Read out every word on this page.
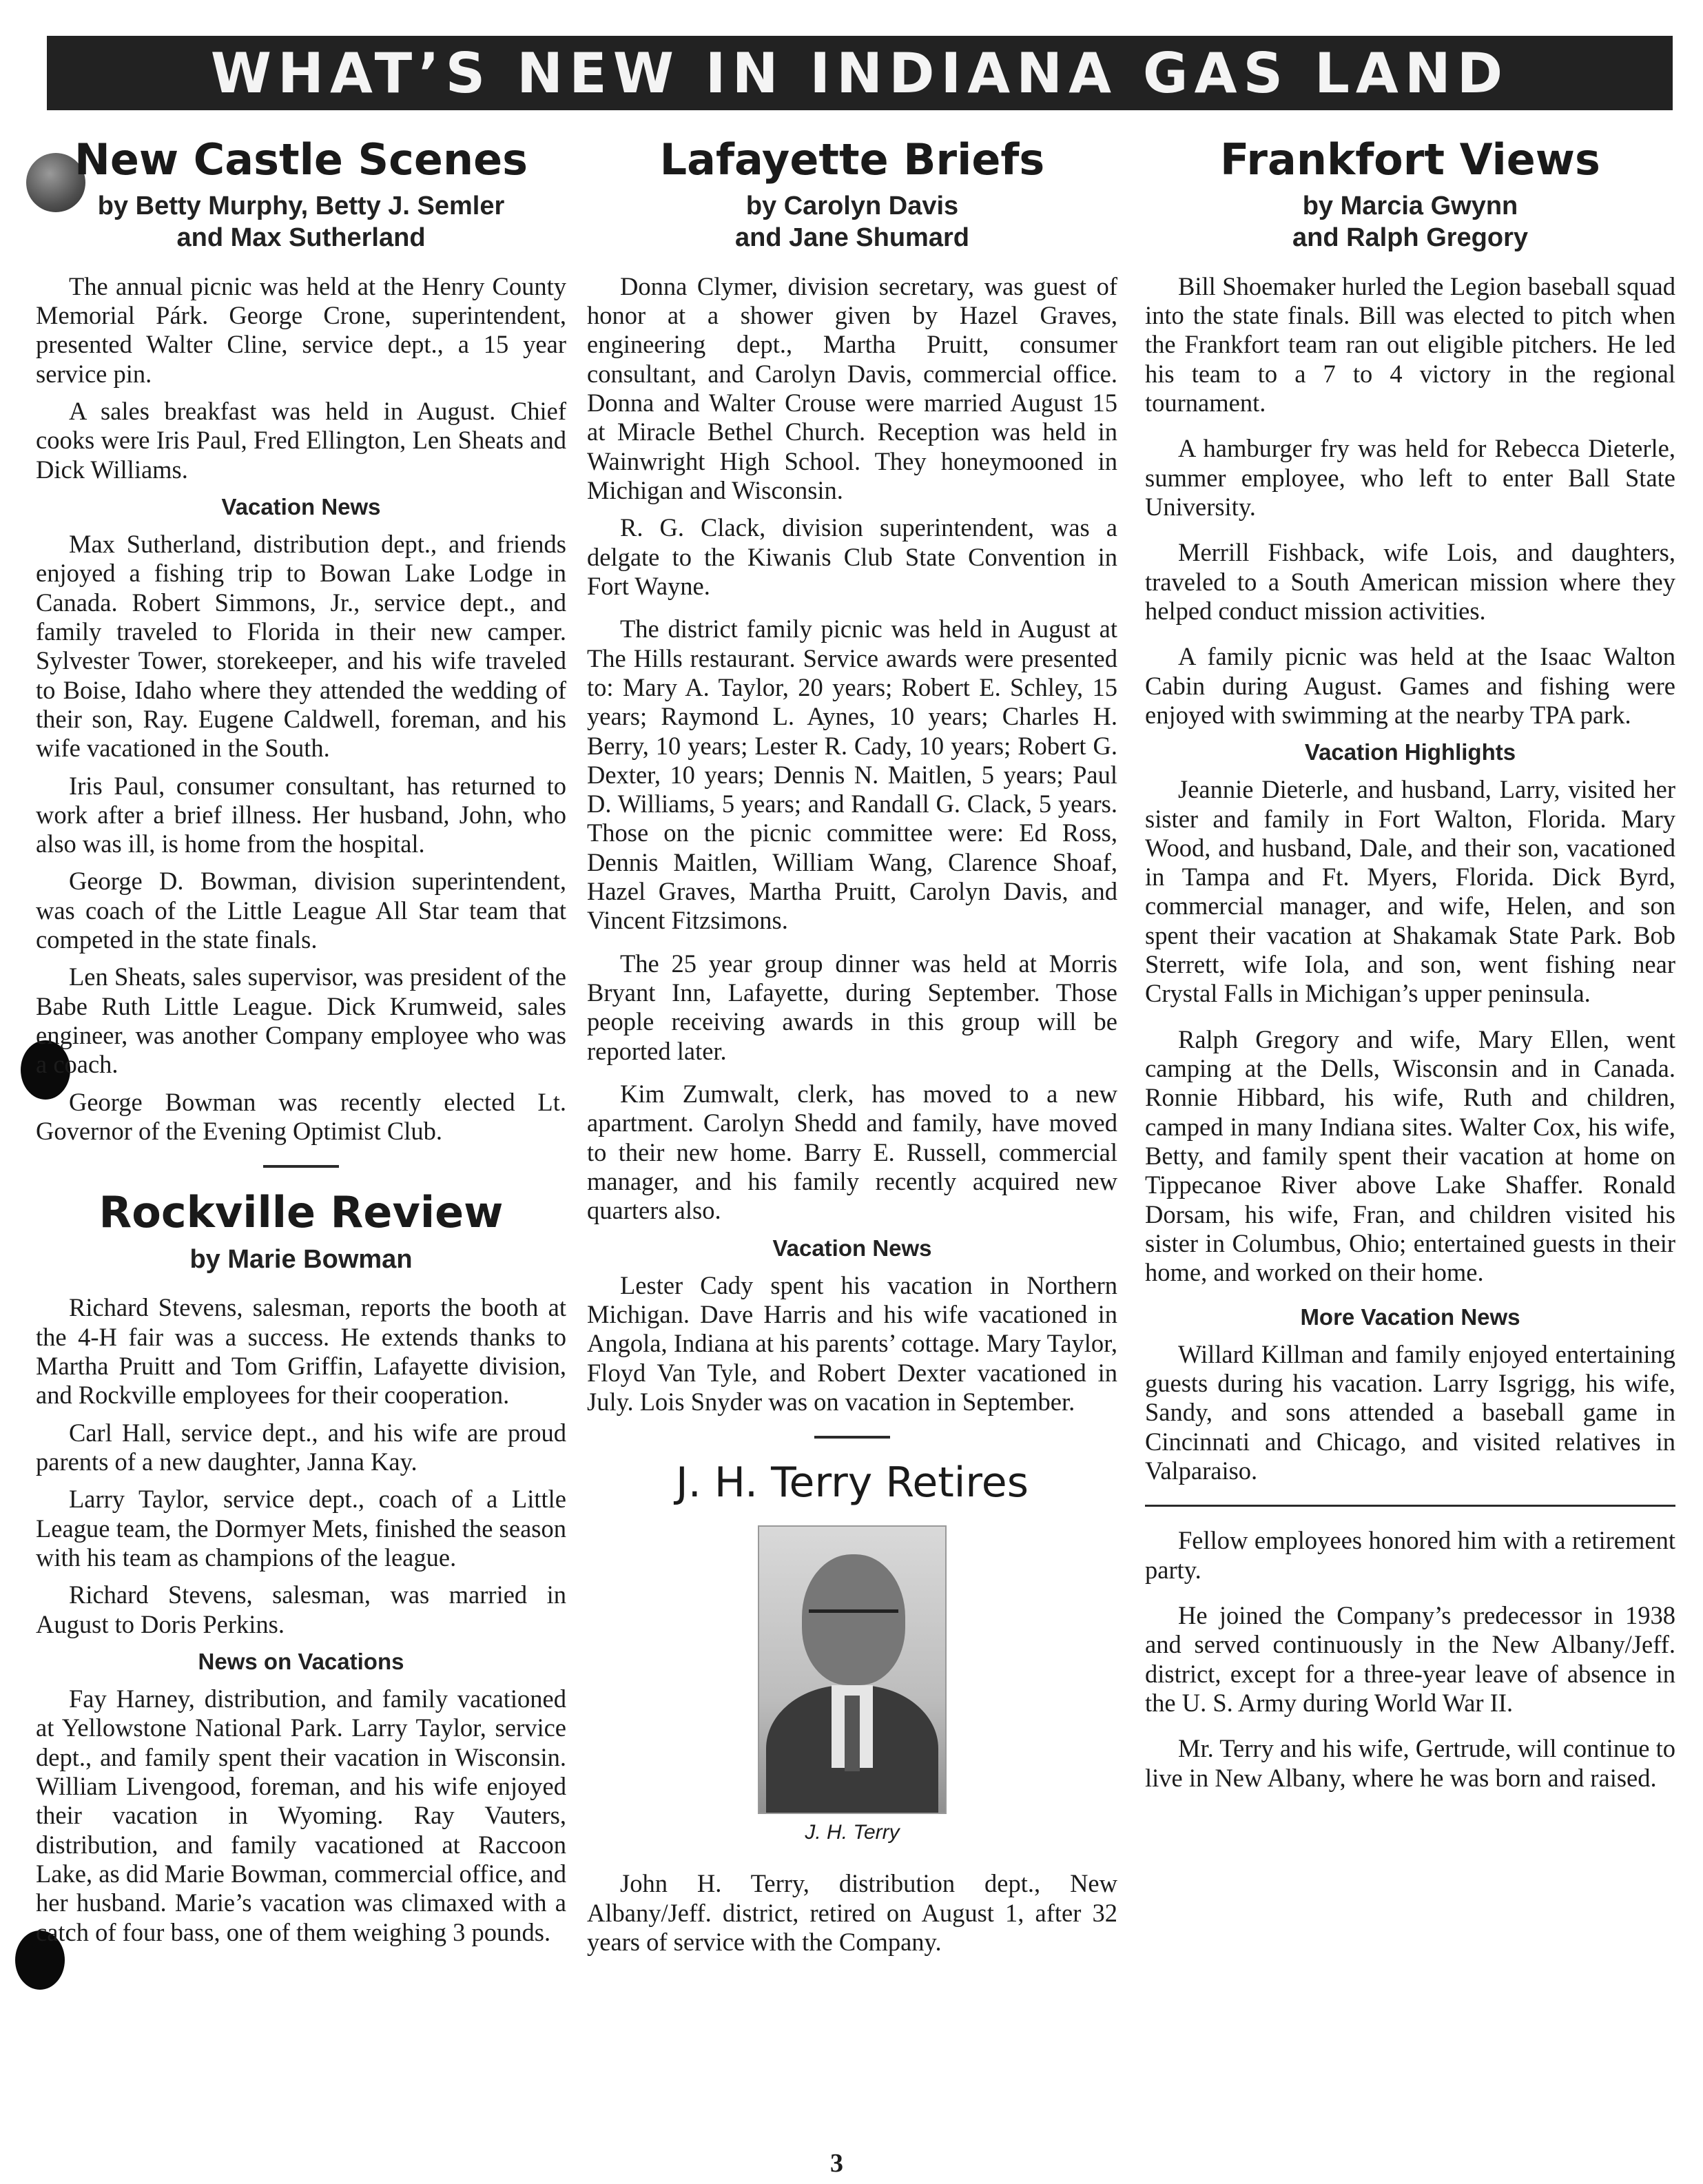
WHAT’S NEW IN INDIANA GAS LAND
New Castle Scenes
by Betty Murphy, Betty J. Semler
and Max Sutherland

The annual picnic was held at the Henry County Memorial Párk. George Crone, superintendent, presented Walter Cline, service dept., a 15 year service pin.

A sales breakfast was held in August. Chief cooks were Iris Paul, Fred Ellington, Len Sheats and Dick Williams.

Vacation News

Max Sutherland, distribution dept., and friends enjoyed a fishing trip to Bowan Lake Lodge in Canada. Robert Simmons, Jr., service dept., and family traveled to Florida in their new camper. Sylvester Tower, storekeeper, and his wife traveled to Boise, Idaho where they attended the wedding of their son, Ray. Eugene Caldwell, foreman, and his wife vacationed in the South.

Iris Paul, consumer consultant, has returned to work after a brief illness. Her husband, John, who also was ill, is home from the hospital.

George D. Bowman, division superintendent, was coach of the Little League All Star team that competed in the state finals.

Len Sheats, sales supervisor, was president of the Babe Ruth Little League. Dick Krumweid, sales engineer, was another Company employee who was a coach.

George Bowman was recently elected Lt. Governor of the Evening Optimist Club.

Rockville Review
by Marie Bowman

Richard Stevens, salesman, reports the booth at the 4-H fair was a success. He extends thanks to Martha Pruitt and Tom Griffin, Lafayette division, and Rockville employees for their cooperation.

Carl Hall, service dept., and his wife are proud parents of a new daughter, Janna Kay.

Larry Taylor, service dept., coach of a Little League team, the Dormyer Mets, finished the season with his team as champions of the league.

Richard Stevens, salesman, was married in August to Doris Perkins.

News on Vacations

Fay Harney, distribution, and family vacationed at Yellowstone National Park. Larry Taylor, service dept., and family spent their vacation in Wisconsin. William Livengood, foreman, and his wife enjoyed their vacation in Wyoming. Ray Vauters, distribution, and family vacationed at Raccoon Lake, as did Marie Bowman, commercial office, and her husband. Marie’s vacation was climaxed with a catch of four bass, one of them weighing 3 pounds.

Lafayette Briefs
by Carolyn Davis
and Jane Shumard

Donna Clymer, division secretary, was guest of honor at a shower given by Hazel Graves, engineering dept., Martha Pruitt, consumer consultant, and Carolyn Davis, commercial office. Donna and Walter Crouse were married August 15 at Miracle Bethel Church. Reception was held in Wainwright High School. They honeymooned in Michigan and Wisconsin.

R. G. Clack, division superintendent, was a delgate to the Kiwanis Club State Convention in Fort Wayne.

The district family picnic was held in August at The Hills restaurant. Service awards were presented to: Mary A. Taylor, 20 years; Robert E. Schley, 15 years; Raymond L. Aynes, 10 years; Charles H. Berry, 10 years; Lester R. Cady, 10 years; Robert G. Dexter, 10 years; Dennis N. Maitlen, 5 years; Paul D. Williams, 5 years; and Randall G. Clack, 5 years. Those on the picnic committee were: Ed Ross, Dennis Maitlen, William Wang, Clarence Shoaf, Hazel Graves, Martha Pruitt, Carolyn Davis, and Vincent Fitzsimons.

The 25 year group dinner was held at Morris Bryant Inn, Lafayette, during September. Those people receiving awards in this group will be reported later.

Kim Zumwalt, clerk, has moved to a new apartment. Carolyn Shedd and family, have moved to their new home. Barry E. Russell, commercial manager, and his family recently acquired new quarters also.

Vacation News

Lester Cady spent his vacation in Northern Michigan. Dave Harris and his wife vacationed in Angola, Indiana at his parents’ cottage. Mary Taylor, Floyd Van Tyle, and Robert Dexter vacationed in July. Lois Snyder was on vacation in September.

J. H. Terry Retires
J. H. Terry

John H. Terry, distribution dept., New Albany/Jeff. district, retired on August 1, after 32 years of service with the Company.

Frankfort Views
by Marcia Gwynn
and Ralph Gregory

Bill Shoemaker hurled the Legion baseball squad into the state finals. Bill was elected to pitch when the Frankfort team ran out eligible pitchers. He led his team to a 7 to 4 victory in the regional tournament.

A hamburger fry was held for Rebecca Dieterle, summer employee, who left to enter Ball State University.

Merrill Fishback, wife Lois, and daughters, traveled to a South American mission where they helped conduct mission activities.

A family picnic was held at the Isaac Walton Cabin during August. Games and fishing were enjoyed with swimming at the nearby TPA park.

Vacation Highlights

Jeannie Dieterle, and husband, Larry, visited her sister and family in Fort Walton, Florida. Mary Wood, and husband, Dale, and their son, vacationed in Tampa and Ft. Myers, Florida. Dick Byrd, commercial manager, and wife, Helen, and son spent their vacation at Shakamak State Park. Bob Sterrett, wife Iola, and son, went fishing near Crystal Falls in Michigan’s upper peninsula.

Ralph Gregory and wife, Mary Ellen, went camping at the Dells, Wisconsin and in Canada. Ronnie Hibbard, his wife, Ruth and children, camped in many Indiana sites. Walter Cox, his wife, Betty, and family spent their vacation at home on Tippecanoe River above Lake Shaffer. Ronald Dorsam, his wife, Fran, and children visited his sister in Columbus, Ohio; entertained guests in their home, and worked on their home.

More Vacation News

Willard Killman and family enjoyed entertaining guests during his vacation. Larry Isgrigg, his wife, Sandy, and sons attended a baseball game in Cincinnati and Chicago, and visited relatives in Valparaiso.

Fellow employees honored him with a retirement party.

He joined the Company’s predecessor in 1938 and served continuously in the New Albany/Jeff. district, except for a three-year leave of absence in the U. S. Army during World War II.

Mr. Terry and his wife, Gertrude, will continue to live in New Albany, where he was born and raised.

3
